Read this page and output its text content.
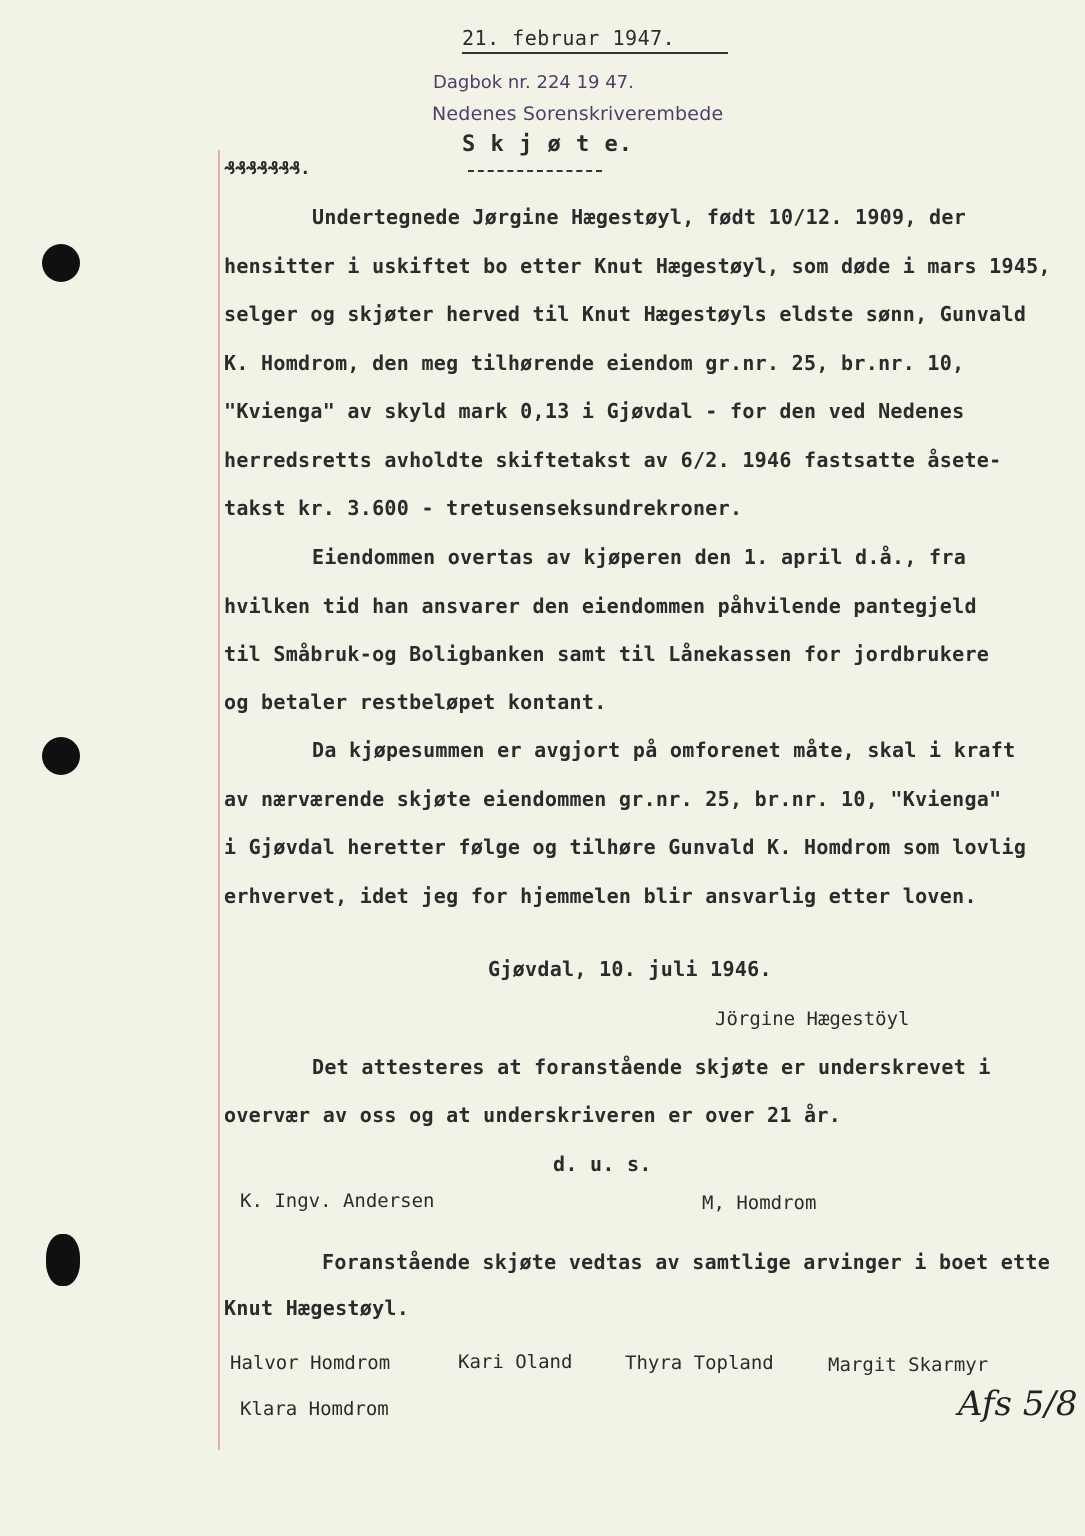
21. februar 1947.
Dagbok nr. 224 19 47.
Nedenes Sorenskriverembede
S k j ø t e.
₰₰₰₰₰₰₰.
Undertegnede Jørgine Hægestøyl, født 10/12. 1909, der
hensitter i uskiftet bo etter Knut Hægestøyl, som døde i mars 1945,
selger og skjøter herved til Knut Hægestøyls eldste sønn, Gunvald
K. Homdrom, den meg tilhørende eiendom gr.nr. 25, br.nr. 10,
"Kvienga" av skyld mark 0,13 i Gjøvdal - for den ved Nedenes
herredsretts avholdte skiftetakst av 6/2. 1946 fastsatte åsete-
takst kr. 3.600 - tretusenseksundrekroner.
Eiendommen overtas av kjøperen den 1. april d.å., fra
hvilken tid han ansvarer den eiendommen påhvilende pantegjeld
til Småbruk-og Boligbanken samt til Lånekassen for jordbrukere
og betaler restbeløpet kontant.
Da kjøpesummen er avgjort på omforenet måte, skal i kraft
av nærværende skjøte eiendommen gr.nr. 25, br.nr. 10, "Kvienga"
i Gjøvdal heretter følge og tilhøre Gunvald K. Homdrom som lovlig
erhvervet, idet jeg for hjemmelen blir ansvarlig etter loven.
Gjøvdal, 10. juli 1946.
Jörgine Hægestöyl
Det attesteres at foranstående skjøte er underskrevet i
overvær av oss og at underskriveren er over 21 år.
d. u. s.
K. Ingv. Andersen	M, Homdrom
Foranstående skjøte vedtas av samtlige arvinger i boet ette
Knut Hægestøyl.
Halvor Homdrom	Kari Oland	Thyra Topland	Margit Skarmyr
Klara Homdrom	Afs 5/8
